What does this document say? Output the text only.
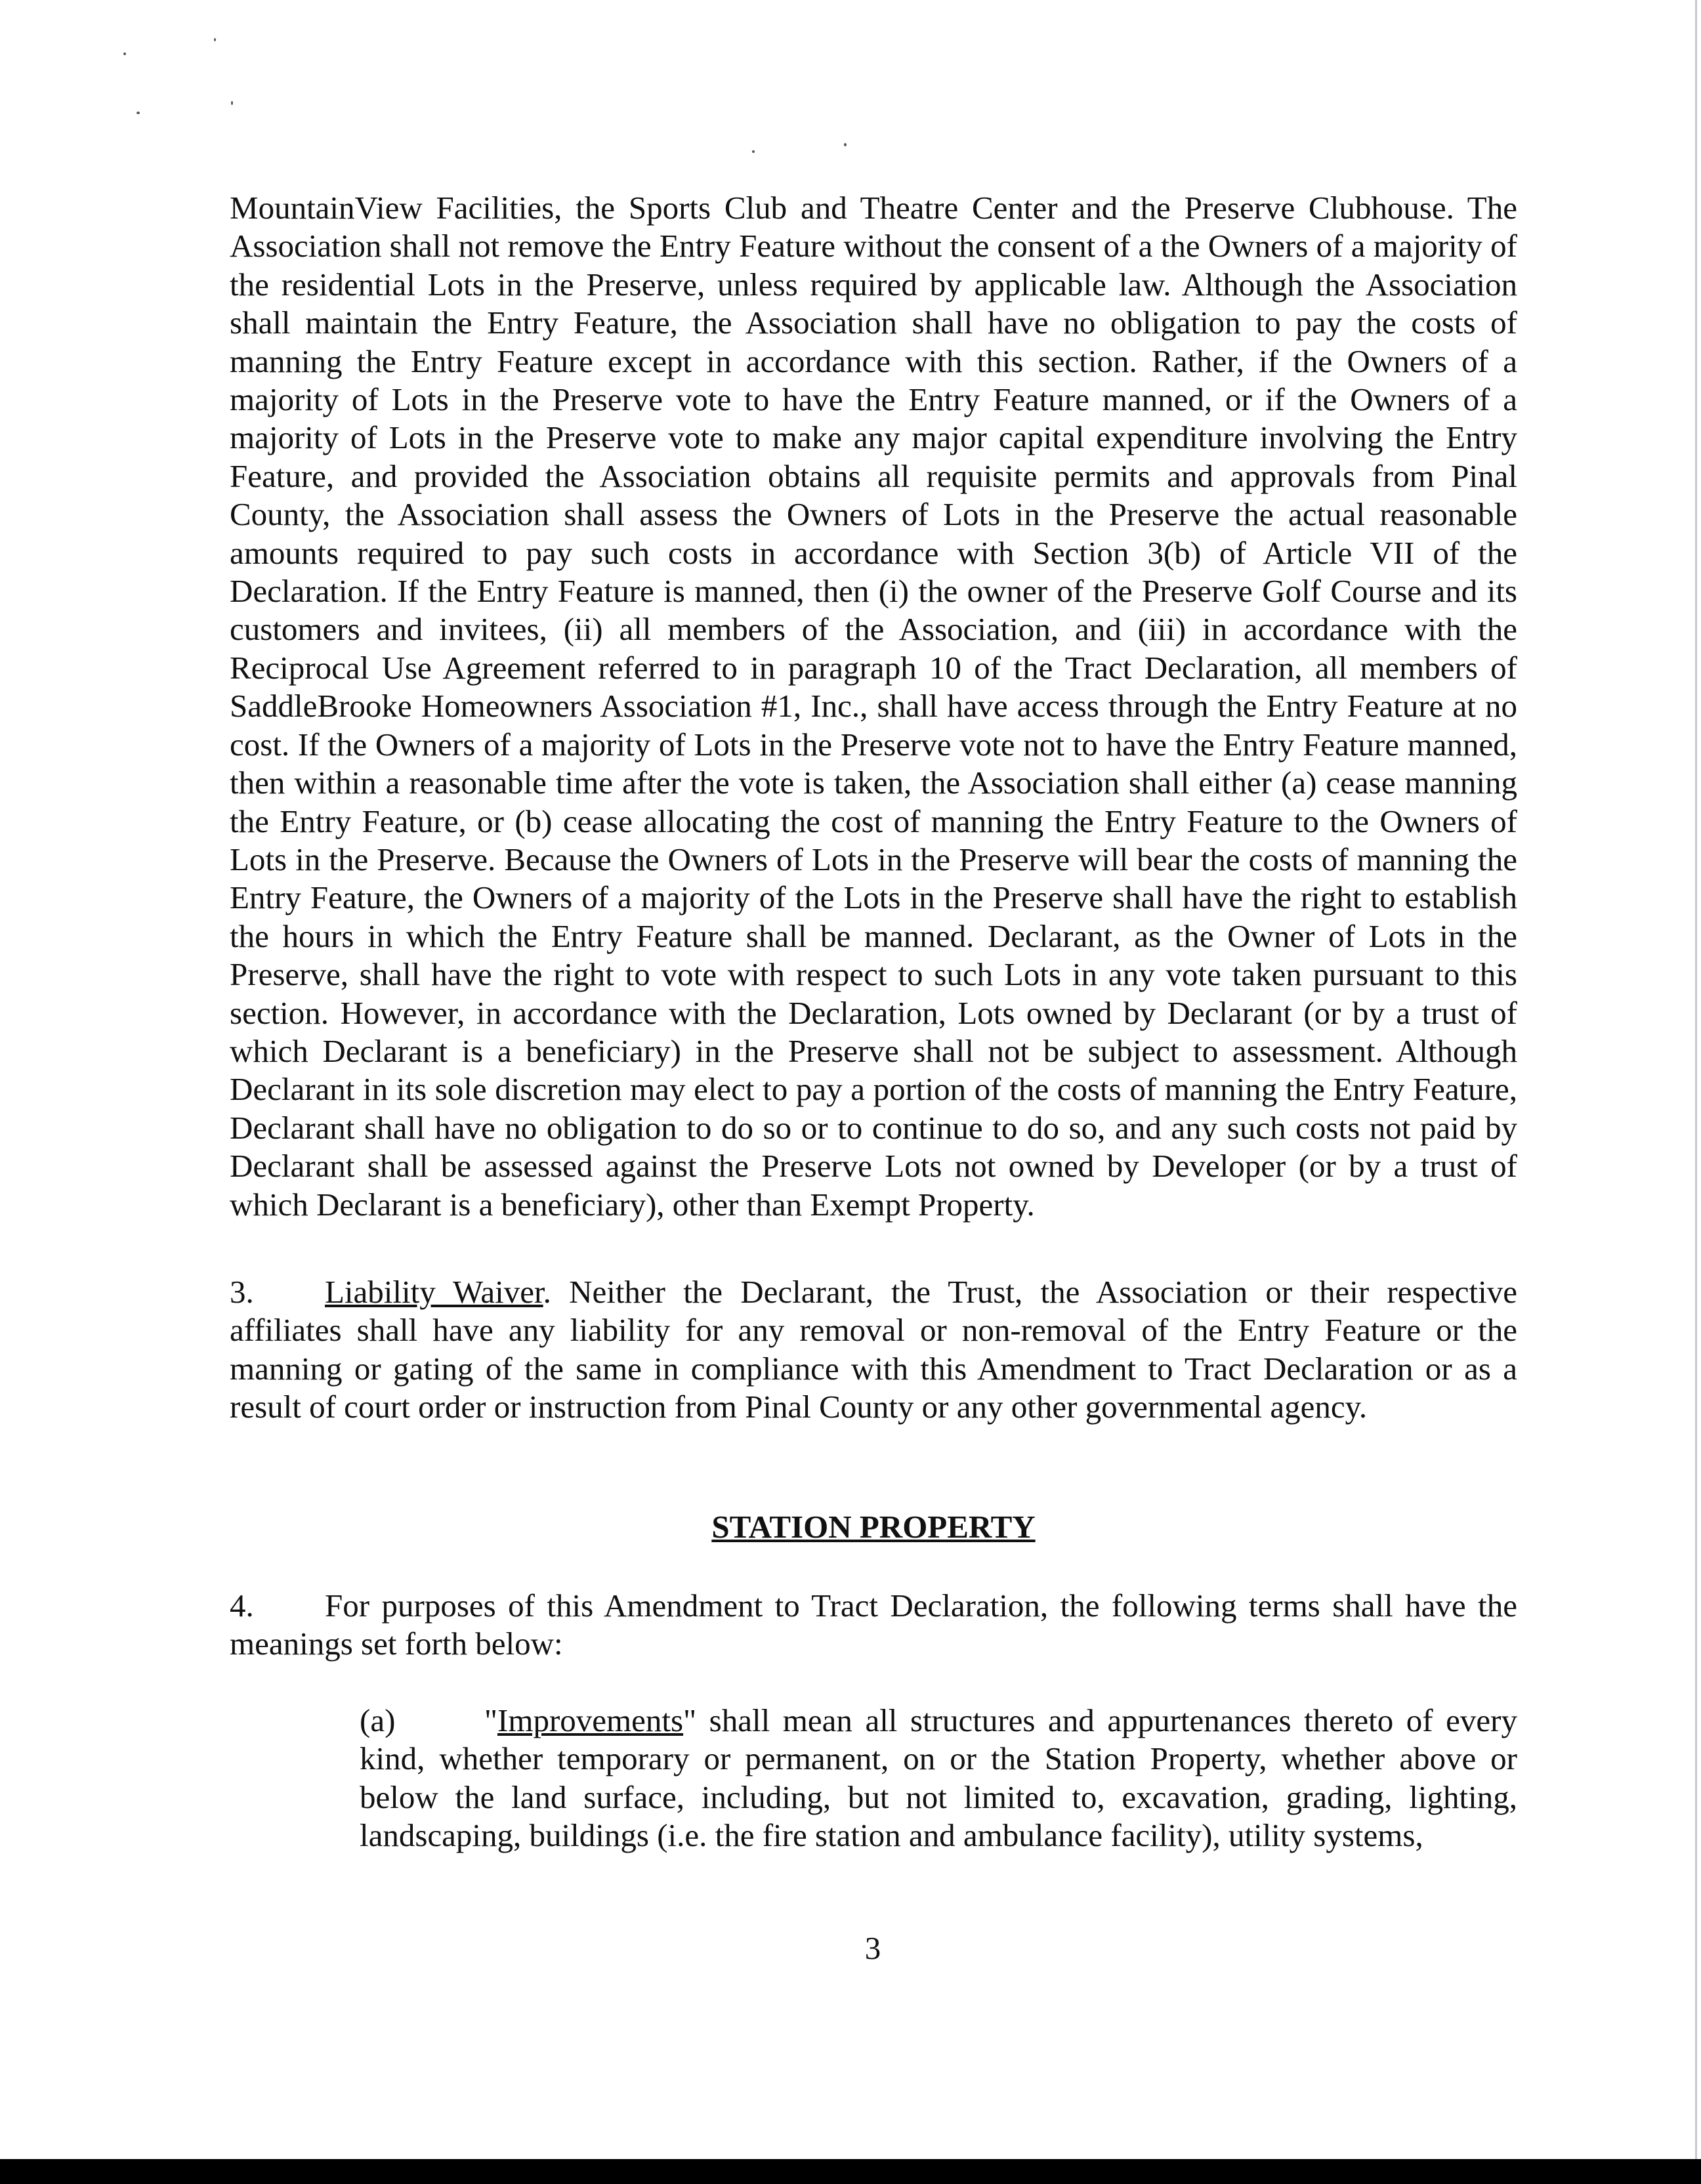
MountainView Facilities, the Sports Club and Theatre Center and the Preserve Clubhouse. The Association shall not remove the Entry Feature without the consent of a the Owners of a majority of the residential Lots in the Preserve, unless required by applicable law. Although the Association shall maintain the Entry Feature, the Association shall have no obligation to pay the costs of manning the Entry Feature except in accordance with this section. Rather, if the Owners of a majority of Lots in the Preserve vote to have the Entry Feature manned, or if the Owners of a majority of Lots in the Preserve vote to make any major capital expenditure involving the Entry Feature, and provided the Association obtains all requisite permits and approvals from Pinal County, the Association shall assess the Owners of Lots in the Preserve the actual reasonable amounts required to pay such costs in accordance with Section 3(b) of Article VII of the Declaration. If the Entry Feature is manned, then (i) the owner of the Preserve Golf Course and its customers and invitees, (ii) all members of the Association, and (iii) in accordance with the Reciprocal Use Agreement referred to in paragraph 10 of the Tract Declaration, all members of SaddleBrooke Homeowners Association #1, Inc., shall have access through the Entry Feature at no cost. If the Owners of a majority of Lots in the Preserve vote not to have the Entry Feature manned, then within a reasonable time after the vote is taken, the Association shall either (a) cease manning the Entry Feature, or (b) cease allocating the cost of manning the Entry Feature to the Owners of Lots in the Preserve. Because the Owners of Lots in the Preserve will bear the costs of manning the Entry Feature, the Owners of a majority of the Lots in the Preserve shall have the right to establish the hours in which the Entry Feature shall be manned. Declarant, as the Owner of Lots in the Preserve, shall have the right to vote with respect to such Lots in any vote taken pursuant to this section. However, in accordance with the Declaration, Lots owned by Declarant (or by a trust of which Declarant is a beneficiary) in the Preserve shall not be subject to assessment. Although Declarant in its sole discretion may elect to pay a portion of the costs of manning the Entry Feature, Declarant shall have no obligation to do so or to continue to do so, and any such costs not paid by Declarant shall be assessed against the Preserve Lots not owned by Developer (or by a trust of which Declarant is a beneficiary), other than Exempt Property.

3. Liability Waiver. Neither the Declarant, the Trust, the Association or their respective affiliates shall have any liability for any removal or non-removal of the Entry Feature or the manning or gating of the same in compliance with this Amendment to Tract Declaration or as a result of court order or instruction from Pinal County or any other governmental agency.

STATION PROPERTY

4. For purposes of this Amendment to Tract Declaration, the following terms shall have the meanings set forth below:

(a)	"Improvements" shall mean all structures and appurtenances thereto of every kind, whether temporary or permanent, on or the Station Property, whether above or below the land surface, including, but not limited to, excavation, grading, lighting, landscaping, buildings (i.e. the fire station and ambulance facility), utility systems,

3
